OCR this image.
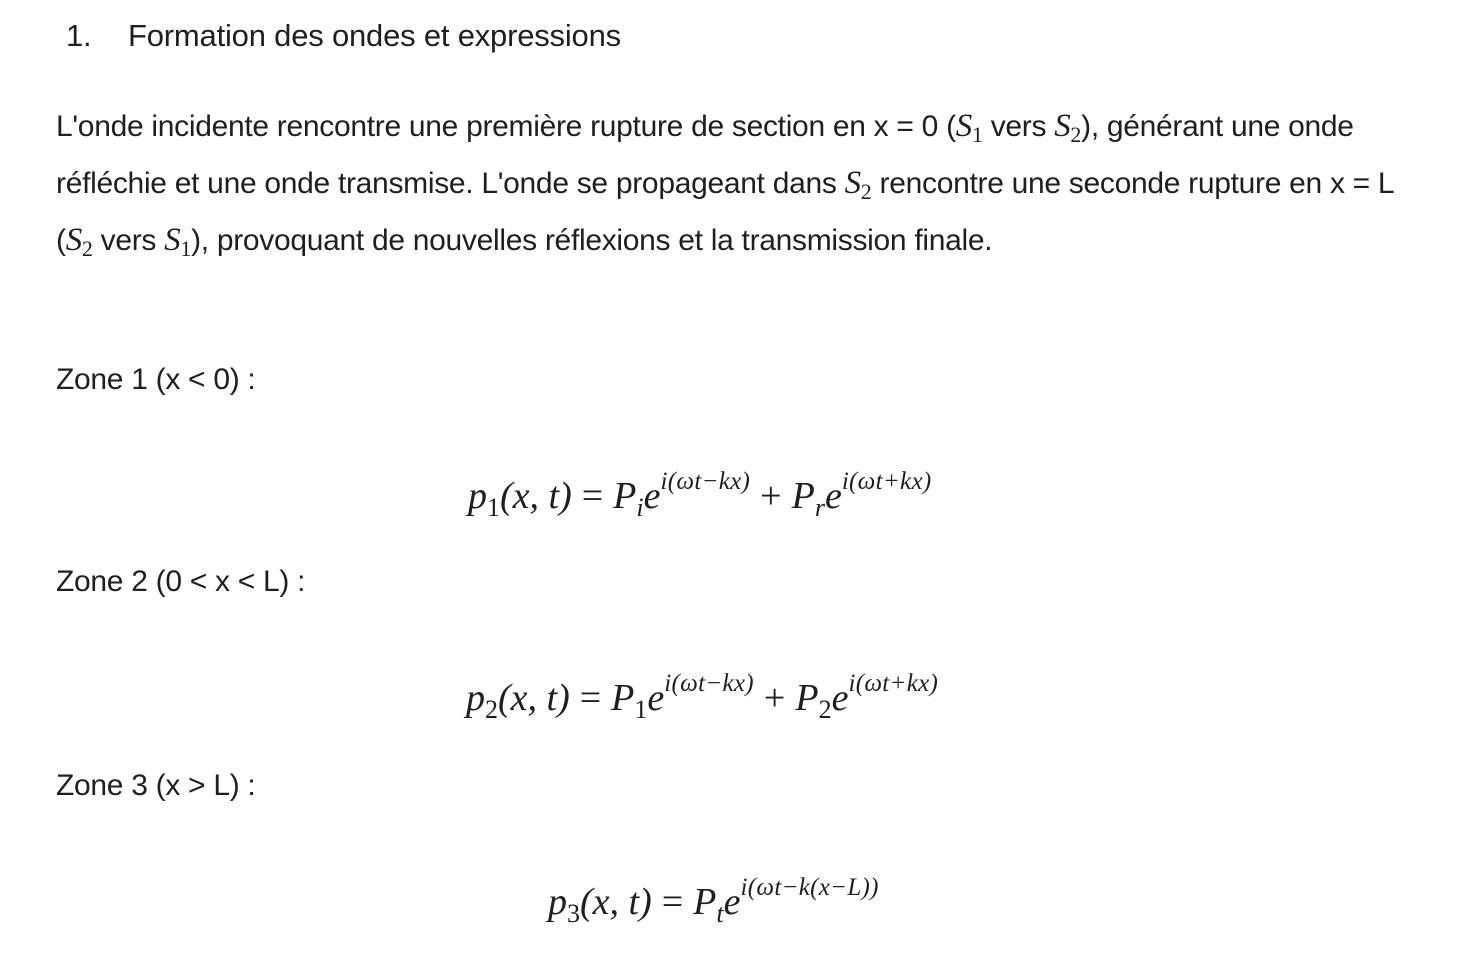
1. Formation des ondes et expressions
L'onde incidente rencontre une première rupture de section en x = 0 ($S_1$ vers $S_2$), générant une onde réfléchie et une onde transmise. L'onde se propageant dans $S_2$ rencontre une seconde rupture en x = L ($S_2$ vers $S_1$), provoquant de nouvelles réflexions et la transmission finale.
Zone 1 (x < 0) :
$p_1(x$, $t) = P_ie^{i(\omega t-kx)} + P_re^{i(\omega t+kx)}$
Zone 2 (0 < x < L) :
$p_2(x$, $t) = P_1e^{i(\omega t-kx)} + P_2e^{i(\omega t+kx)}$
Zone 3 (x > L) :
$p_3(x$, $t) = P_te^{i(\omega t-k(x-L))}$
